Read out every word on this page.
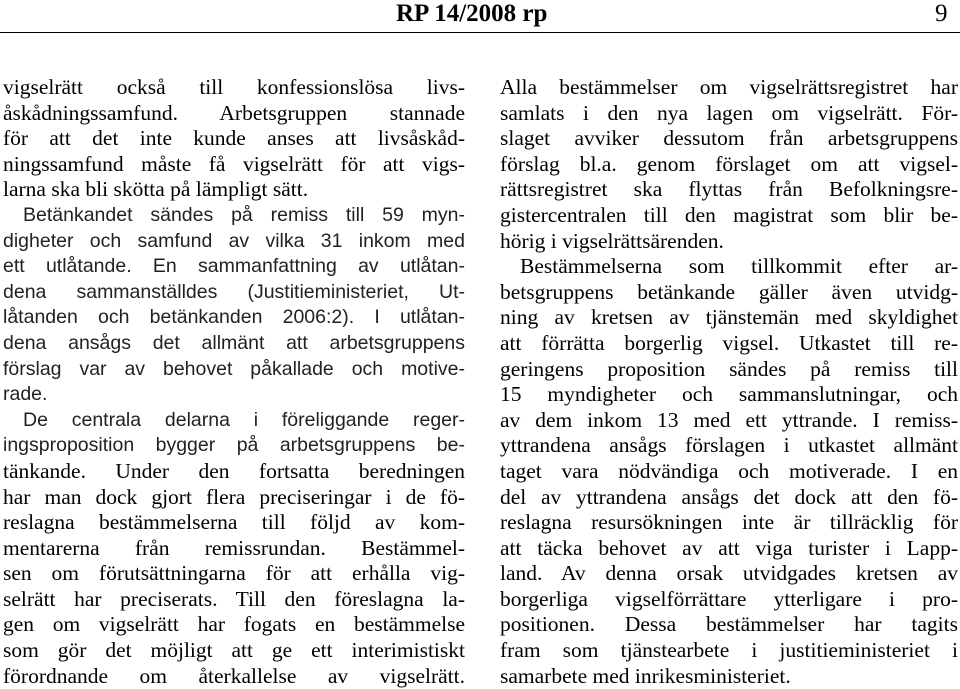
RP 14/2008 rp	9
vigselrätt också till konfessionslösa livs-
åskådningssamfund. Arbetsgruppen stannade
för att det inte kunde anses att livsåskåd-
ningssamfund måste få vigselrätt för att vigs-
larna ska bli skötta på lämpligt sätt.
Betänkandet sändes på remiss till 59 myn-
digheter och samfund av vilka 31 inkom med
ett utlåtande. En sammanfattning av utlåtan-
dena sammanställdes (Justitieministeriet, Ut-
låtanden och betänkanden 2006:2). I utlåtan-
dena ansågs det allmänt att arbetsgruppens
förslag var av behovet påkallade och motive-
rade.
De centrala delarna i föreliggande reger-
ingsproposition bygger på arbetsgruppens be-
tänkande. Under den fortsatta beredningen
har man dock gjort flera preciseringar i de fö-
reslagna bestämmelserna till följd av kom-
mentarerna från remissrundan. Bestämmel-
sen om förutsättningarna för att erhålla vig-
selrätt har preciserats. Till den föreslagna la-
gen om vigselrätt har fogats en bestämmelse
som gör det möjligt att ge ett interimistiskt
förordnande om återkallelse av vigselrätt.
Alla bestämmelser om vigselrättsregistret har
samlats i den nya lagen om vigselrätt. För-
slaget avviker dessutom från arbetsgruppens
förslag bl.a. genom förslaget om att vigsel-
rättsregistret ska flyttas från Befolkningsre-
gistercentralen till den magistrat som blir be-
hörig i vigselrättsärenden.
Bestämmelserna som tillkommit efter ar-
betsgruppens betänkande gäller även utvidg-
ning av kretsen av tjänstemän med skyldighet
att förrätta borgerlig vigsel. Utkastet till re-
geringens proposition sändes på remiss till
15 myndigheter och sammanslutningar, och
av dem inkom 13 med ett yttrande. I remiss-
yttrandena ansågs förslagen i utkastet allmänt
taget vara nödvändiga och motiverade. I en
del av yttrandena ansågs det dock att den fö-
reslagna resursökningen inte är tillräcklig för
att täcka behovet av att viga turister i Lapp-
land. Av denna orsak utvidgades kretsen av
borgerliga vigselförrättare ytterligare i pro-
positionen. Dessa bestämmelser har tagits
fram som tjänstearbete i justitieministeriet i
samarbete med inrikesministeriet.
